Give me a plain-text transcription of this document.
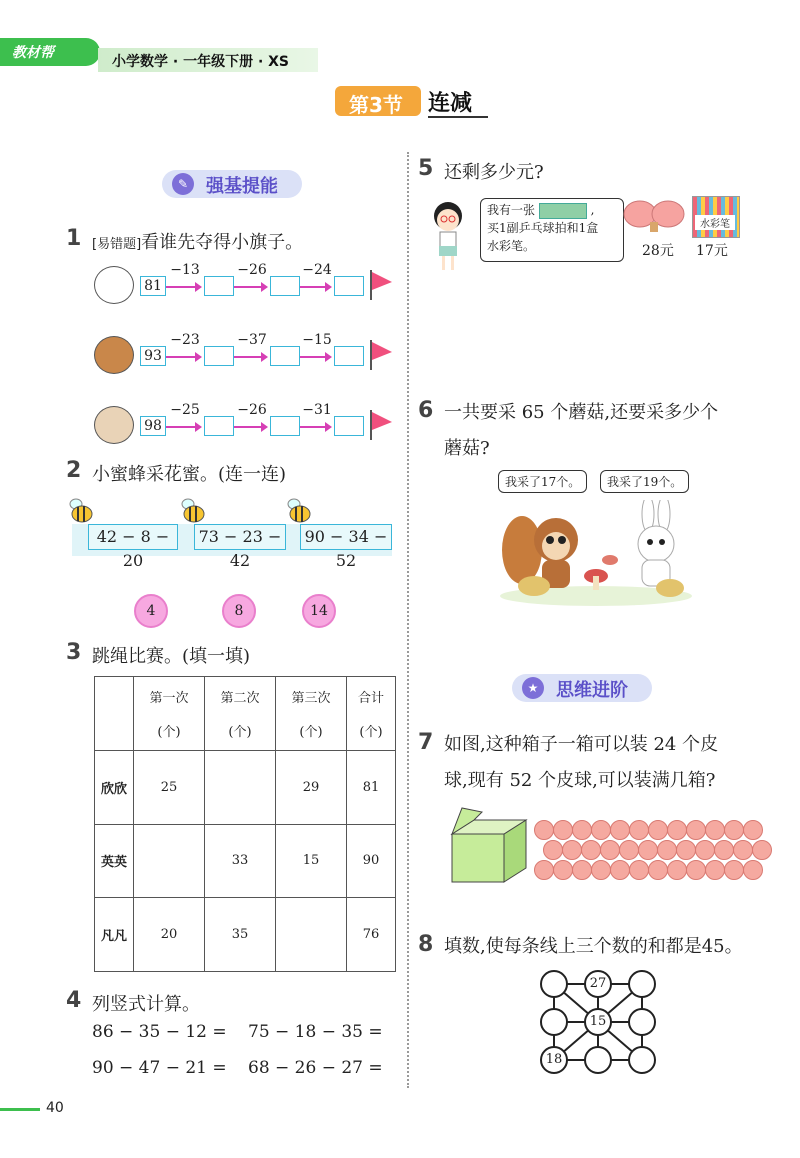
教材帮
小学数学 · 一年级下册 · XS
第3节 连减
✎ 强基提能
1 [易错题]看谁先夺得小旗子。
81
−13	−26	−24
93
−23	−37	−15
98
−25	−26	−31
2 小蜜蜂采花蜜。(连一连)
42 − 8 − 20
73 − 23 − 42
90 − 34 − 52
4	8	14
3 跳绳比赛。(填一填)
	第一次

(个)	第二次

(个)	第三次

(个)	合计

(个)
欣欣	25		29	81
英英		33	15	90
凡凡	20	35		76
4 列竖式计算。
86 − 35 − 12 = 75 − 18 − 35 =
90 − 47 − 21 = 68 − 26 − 27 =
5 还剩多少元?
我有一张	,
买1副乒乓球拍和1盒
水彩笔。	28元
水彩笔
17元
6 一共要采 65 个蘑菇,还要采多少个
蘑菇?
我采了17个。	我采了19个。
★ 思维进阶
7 如图,这种箱子一箱可以装 24 个皮
球,现有 52 个皮球,可以装满几箱?
8 填数,使每条线上三个数的和都是45。
27
15
18
40
